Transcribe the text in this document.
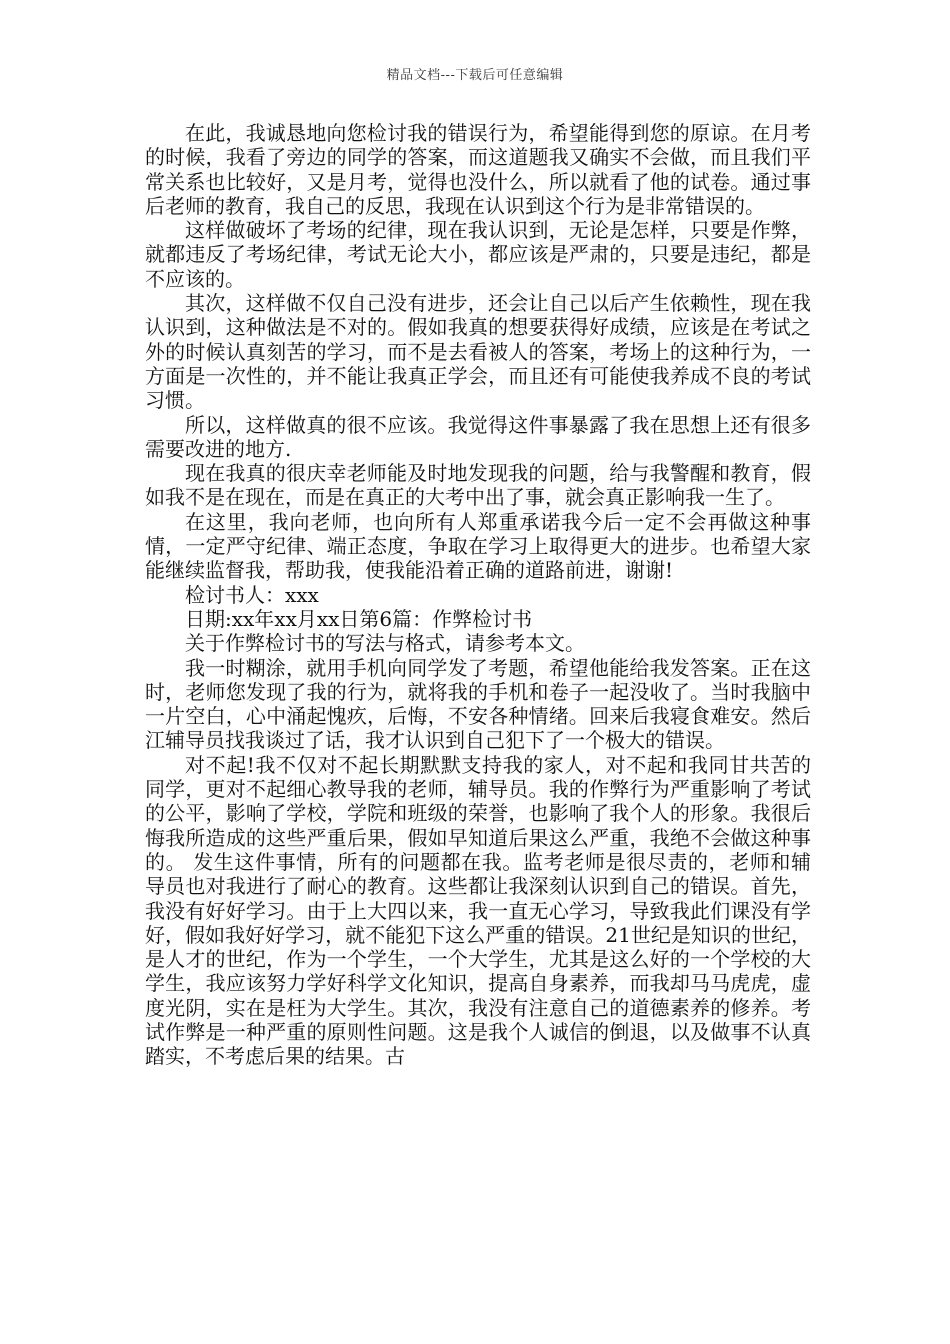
精品文档---下载后可任意编辑

在此，我诚恳地向您检讨我的错误行为，希望能得到您的原谅。在月考的时候，我看了旁边的同学的答案，而这道题我又确实不会做，而且我们平常关系也比较好，又是月考，觉得也没什么，所以就看了他的试卷。通过事后老师的教育，我自己的反思，我现在认识到这个行为是非常错误的。

这样做破坏了考场的纪律，现在我认识到，无论是怎样，只要是作弊，就都违反了考场纪律，考试无论大小，都应该是严肃的，只要是违纪，都是不应该的。

其次，这样做不仅自己没有进步，还会让自己以后产生依赖性，现在我认识到，这种做法是不对的。假如我真的想要获得好成绩，应该是在考试之外的时候认真刻苦的学习，而不是去看被人的答案，考场上的这种行为，一方面是一次性的，并不能让我真正学会，而且还有可能使我养成不良的考试习惯。

所以，这样做真的很不应该。我觉得这件事暴露了我在思想上还有很多需要改进的地方.

现在我真的很庆幸老师能及时地发现我的问题，给与我警醒和教育，假如我不是在现在，而是在真正的大考中出了事，就会真正影响我一生了。

在这里，我向老师，也向所有人郑重承诺我今后一定不会再做这种事情，一定严守纪律、端正态度，争取在学习上取得更大的进步。也希望大家能继续监督我，帮助我，使我能沿着正确的道路前进，谢谢!

检讨书人：xxx

日期:xx年xx月xx日第6篇：作弊检讨书

关于作弊检讨书的写法与格式，请参考本文。

我一时糊涂，就用手机向同学发了考题，希望他能给我发答案。正在这时，老师您发现了我的行为，就将我的手机和卷子一起没收了。当时我脑中一片空白，心中涌起愧疚，后悔，不安各种情绪。回来后我寝食难安。然后江辅导员找我谈过了话，我才认识到自己犯下了一个极大的错误。

对不起!我不仅对不起长期默默支持我的家人，对不起和我同甘共苦的同学，更对不起细心教导我的老师，辅导员。我的作弊行为严重影响了考试的公平，影响了学校，学院和班级的荣誉，也影响了我个人的形象。我很后悔我所造成的这些严重后果，假如早知道后果这么严重，我绝不会做这种事的。 发生这件事情，所有的问题都在我。监考老师是很尽责的，老师和辅导员也对我进行了耐心的教育。这些都让我深刻认识到自己的错误。首先，我没有好好学习。由于上大四以来，我一直无心学习，导致我此们课没有学好，假如我好好学习，就不能犯下这么严重的错误。21世纪是知识的世纪，是人才的世纪，作为一个学生，一个大学生，尤其是这么好的一个学校的大学生，我应该努力学好科学文化知识，提高自身素养，而我却马马虎虎，虚度光阴，实在是枉为大学生。其次，我没有注意自己的道德素养的修养。考试作弊是一种严重的原则性问题。这是我个人诚信的倒退，以及做事不认真踏实，不考虑后果的结果。古
